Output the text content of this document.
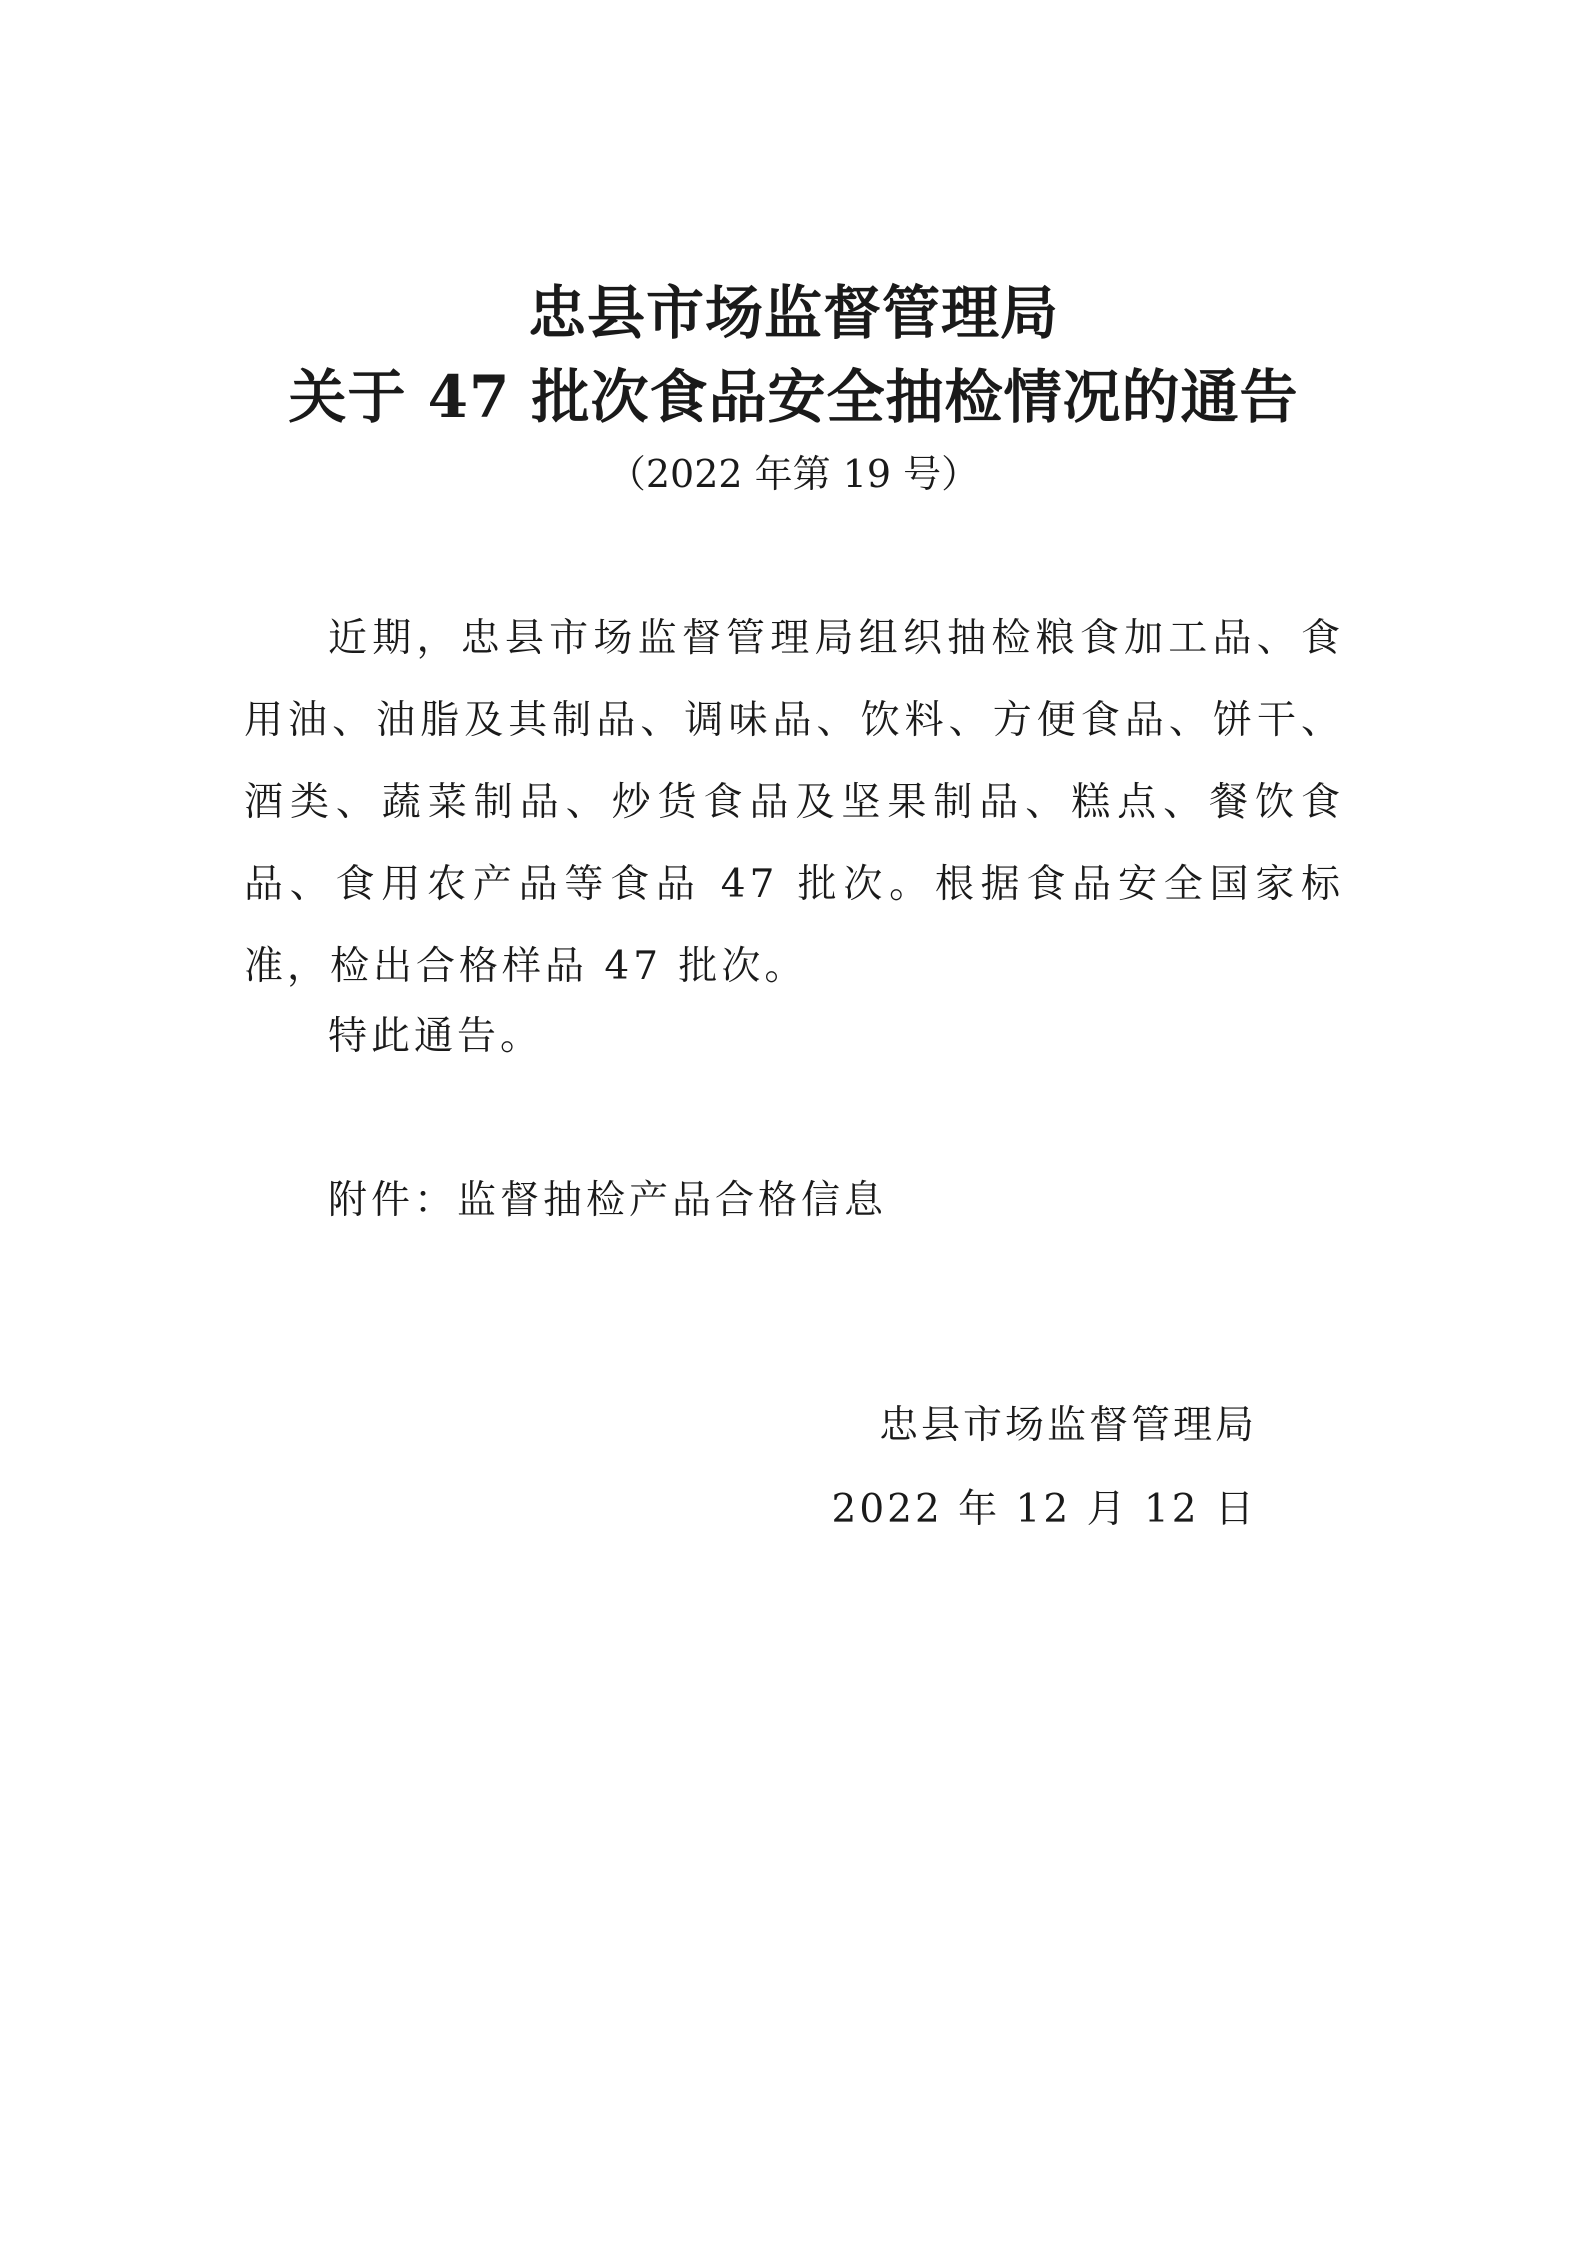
忠县市场监督管理局
关于 47 批次食品安全抽检情况的通告
（2022 年第 19 号）
近期，忠县市场监督管理局组织抽检粮食加工品、食用油、油脂及其制品、调味品、饮料、方便食品、饼干、酒类、蔬菜制品、炒货食品及坚果制品、糕点、餐饮食品、食用农产品等食品 47 批次。根据食品安全国家标准，检出合格样品 47 批次。
特此通告。
附件：监督抽检产品合格信息
忠县市场监督管理局
2022 年 12 月 12 日
